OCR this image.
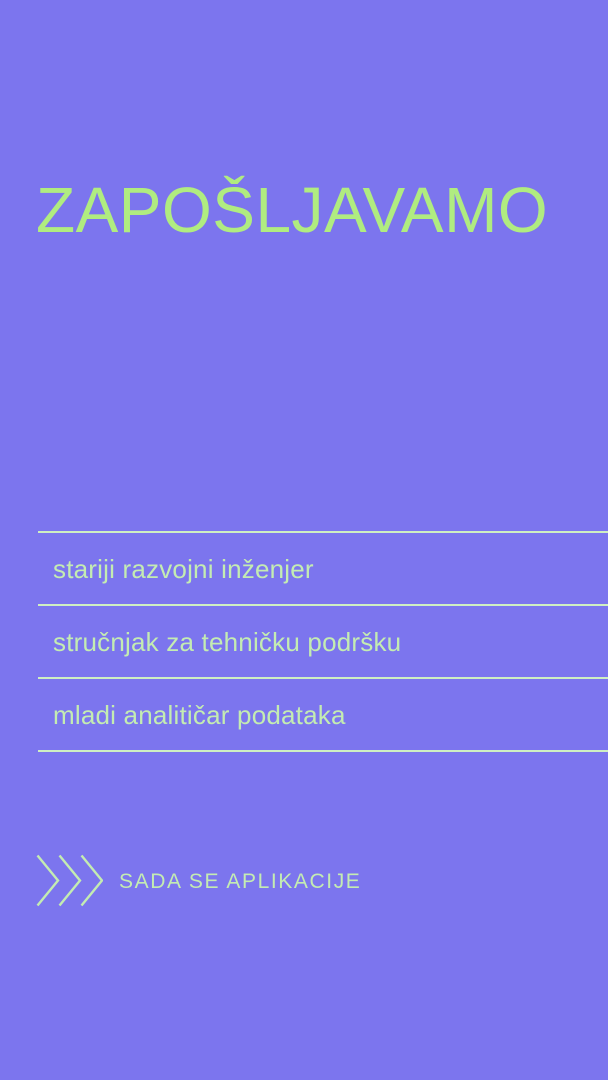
ZAPOŠLJAVAMO
stariji razvojni inženjer
stručnjak za tehničku podršku
mladi analitičar podataka
SADA SE APLIKACIJE
